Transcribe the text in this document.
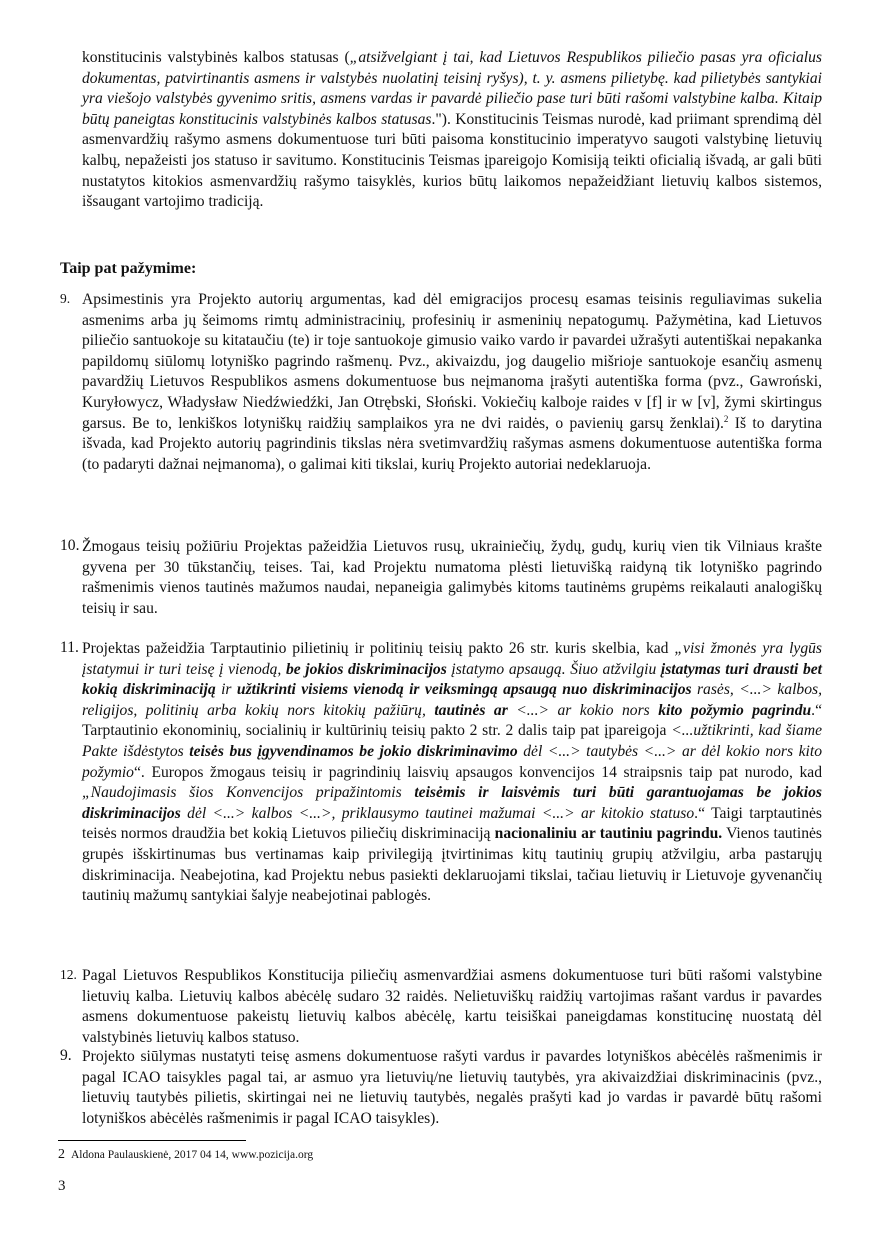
konstitucinis valstybinės kalbos statusas („atsižvelgiant į tai, kad Lietuvos Respublikos piliečio pasas yra oficialus dokumentas, patvirtinantis asmens ir valstybės nuolatinį teisinį ryšys), t. y. asmens pilietybę. kad pilietybės santykiai yra viešojo valstybės gyvenimo sritis, asmens vardas ir pavardė piliečio pase turi būti rašomi valstybine kalba. Kitaip būtų paneigtas konstitucinis valstybinės kalbos statusas."). Konstitucinis Teismas nurodė, kad priimant sprendimą dėl asmenvardžių rašymo asmens dokumentuose turi būti paisoma konstitucinio imperatyvo saugoti valstybinę lietuvių kalbų, nepažeisti jos statuso ir savitumo. Konstitucinis Teismas įpareigojo Komisiją teikti oficialią išvadą, ar gali būti nustatytos kitokios asmenvardžių rašymo taisyklės, kurios būtų laikomos nepažeidžiant lietuvių kalbos sistemos, išsaugant vartojimo tradiciją.

Taip pat pažymime:

9. Apsimestinis yra Projekto autorių argumentas, kad dėl emigracijos procesų esamas teisinis reguliavimas sukelia asmenims arba jų šeimoms rimtų administracinių, profesinių ir asmeninių nepatogumų. Pažymėtina, kad Lietuvos piliečio santuokoje su kitataučiu (te) ir toje santuokoje gimusio vaiko vardo ir pavardei užrašyti autentiškai nepakanka papildomų siūlomų lotyniško pagrindo rašmenų. Pvz., akivaizdu, jog daugelio mišrioje santuokoje esančių asmenų pavardžių Lietuvos Respublikos asmens dokumentuose bus neįmanoma įrašyti autentiška forma (pvz., Gawroński, Kuryłowycz, Władysław Niedźwiedźki, Jan Otrębski, Słoński. Vokiečių kalboje raides v [f] ir w [v], žymi skirtingus garsus. Be to, lenkiškos lotyniškų raidžių samplaikos yra ne dvi raidės, o pavienių garsų ženklai).$^2$ Iš to darytina išvada, kad Projekto autorių pagrindinis tikslas nėra svetimvardžių rašymas asmens dokumentuose autentiška forma (to padaryti dažnai neįmanoma), o galimai kiti tikslai, kurių Projekto autoriai nedeklaruoja.
10. Žmogaus teisių požiūriu Projektas pažeidžia Lietuvos rusų, ukrainiečių, žydų, gudų, kurių vien tik Vilniaus krašte gyvena per 30 tūkstančių, teises. Tai, kad Projektu numatoma plėsti lietuvišką raidyną tik lotyniško pagrindo rašmenimis vienos tautinės mažumos naudai, nepaneigia galimybės kitoms tautinėms grupėms reikalauti analogiškų teisių ir sau.
11. Projektas pažeidžia Tarptautinio pilietinių ir politinių teisių pakto 26 str. kuris skelbia, kad „visi žmonės yra lygūs įstatymui ir turi teisę į vienodą, be jokios diskriminacijos įstatymo apsaugą. Šiuo atžvilgiu įstatymas turi drausti bet kokią diskriminaciją ir užtikrinti visiems vienodą ir veiksmingą apsaugą nuo diskriminacijos rasės, <...> kalbos, religijos, politinių arba kokių nors kitokių pažiūrų, tautinės ar <...> ar kokio nors kito požymio pagrindu.“ Tarptautinio ekonominių, socialinių ir kultūrinių teisių pakto 2 str. 2 dalis taip pat įpareigoja <...užtikrinti, kad šiame Pakte išdėstytos teisės bus įgyvendinamos be jokio diskriminavimo dėl <...> tautybės <...> ar dėl kokio nors kito požymio“. Europos žmogaus teisių ir pagrindinių laisvių apsaugos konvencijos 14 straipsnis taip pat nurodo, kad „Naudojimasis šios Konvencijos pripažintomis teisėmis ir laisvėmis turi būti garantuojamas be jokios diskriminacijos dėl <...> kalbos <...>, priklausymo tautinei mažumai <...> ar kitokio statuso.“ Taigi tarptautinės teisės normos draudžia bet kokią Lietuvos piliečių diskriminaciją nacionaliniu ar tautiniu pagrindu. Vienos tautinės grupės išskirtinumas bus vertinamas kaip privilegiją įtvirtinimas kitų tautinių grupių atžvilgiu, arba pastarųjų diskriminacija. Neabejotina, kad Projektu nebus pasiekti deklaruojami tikslai, tačiau lietuvių ir Lietuvoje gyvenančių tautinių mažumų santykiai šalyje neabejotinai pablogės.
12. Pagal Lietuvos Respublikos Konstitucija piliečių asmenvardžiai asmens dokumentuose turi būti rašomi valstybine lietuvių kalba. Lietuvių kalbos abėcėlę sudaro 32 raidės. Nelietuviškų raidžių vartojimas rašant vardus ir pavardes asmens dokumentuose pakeistų lietuvių kalbos abėcėlę, kartu teisiškai paneigdamas konstitucinę nuostatą dėl valstybinės lietuvių kalbos statuso.
9. Projekto siūlymas nustatyti teisę asmens dokumentuose rašyti vardus ir pavardes lotyniškos abėcėlės rašmenimis ir pagal ICAO taisykles pagal tai, ar asmuo yra lietuvių/ne lietuvių tautybės, yra akivaizdžiai diskriminacinis (pvz., lietuvių tautybės pilietis, skirtingai nei ne lietuvių tautybės, negalės prašyti kad jo vardas ir pavardė būtų rašomi lotyniškos abėcėlės rašmenimis ir pagal ICAO taisykles).
2 Aldona Paulauskienė, 2017 04 14, www.pozicija.org
3
